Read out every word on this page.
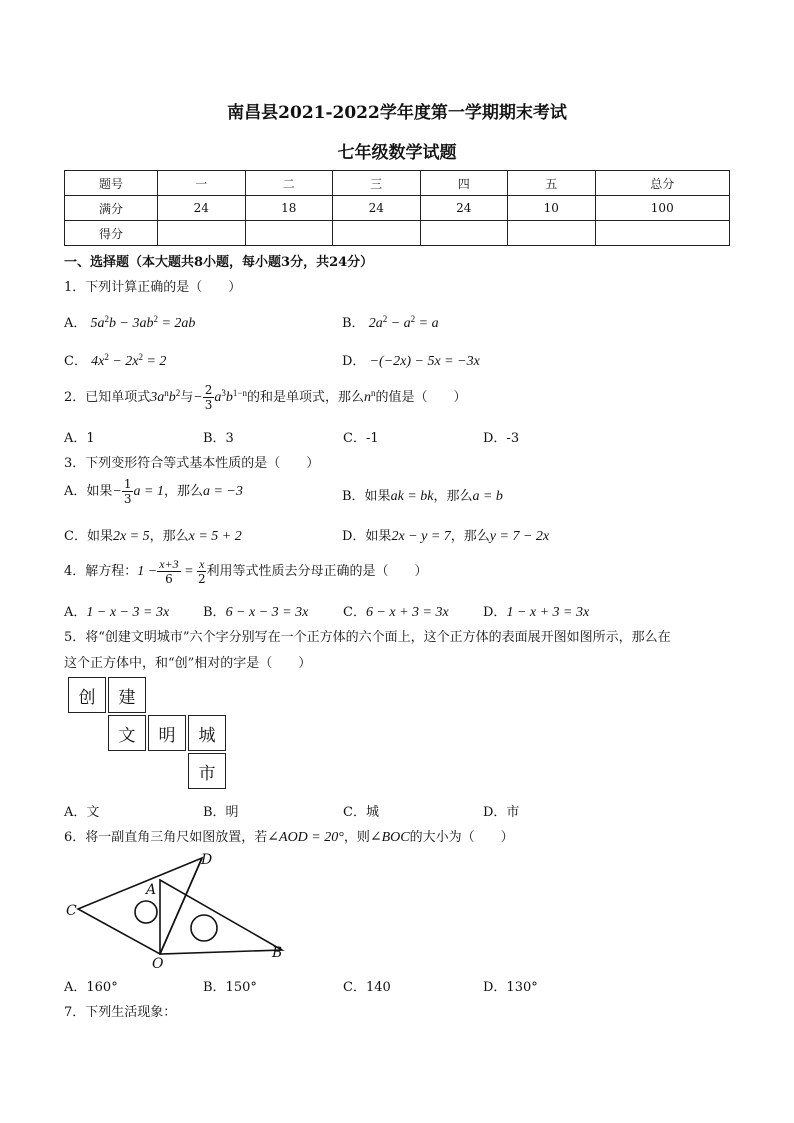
南昌县2021-2022学年度第一学期期末考试
七年级数学试题
题号	一	二	三	四	五	总分
满分	24	18	24	24	10	100
得分						
一、选择题（本大题共8小题，每小题3分，共24分）
1．下列计算正确的是（　　）
A． $5a^2b - 3ab^2 = 2ab$	B． $2a^2 - a^2 = a$
C． $4x^2 - 2x^2 = 2$	D． −(−2x) − 5x = −3x
2．已知单项式$3a^nb^2$与− $\frac{2}{3} a^3b^{1-n}$的和是单项式，那么$n^n$的值是（　　）
A．1	B．3	C．-1	D．-3
3．下列变形符合等式基本性质的是（　　）
A．如果− $\frac{1}{3}$ a = 1，那么a = −3	B．如果ak = bk，那么a = b
C．如果2x = 5，那么x = 5 + 2	D．如果2x − y = 7，那么y = 7 − 2x
4．解方程：$1 - \frac{x+3}{6} = \frac{x}{2}$ 利用等式性质去分母正确的是（　　）
A．1 − x − 3 = 3x	B．6 − x − 3 = 3x	C．6 − x + 3 = 3x	D．1 − x + 3 = 3x
5．将“创建文明城市”六个字分别写在一个正方体的六个面上，这个正方体的表面展开图如图所示，那么在
这个正方体中，和“创”相对的字是（　　）
创	建
文	明	城
市
A．文	B．明	C．城	D．市
6．将一副直角三角尺如图放置，若∠AOD = 20°，则∠BOC的大小为（　　）
D
A
C
O
B
A．160°	B．150°	C．140	D．130°
7．下列生活现象：
